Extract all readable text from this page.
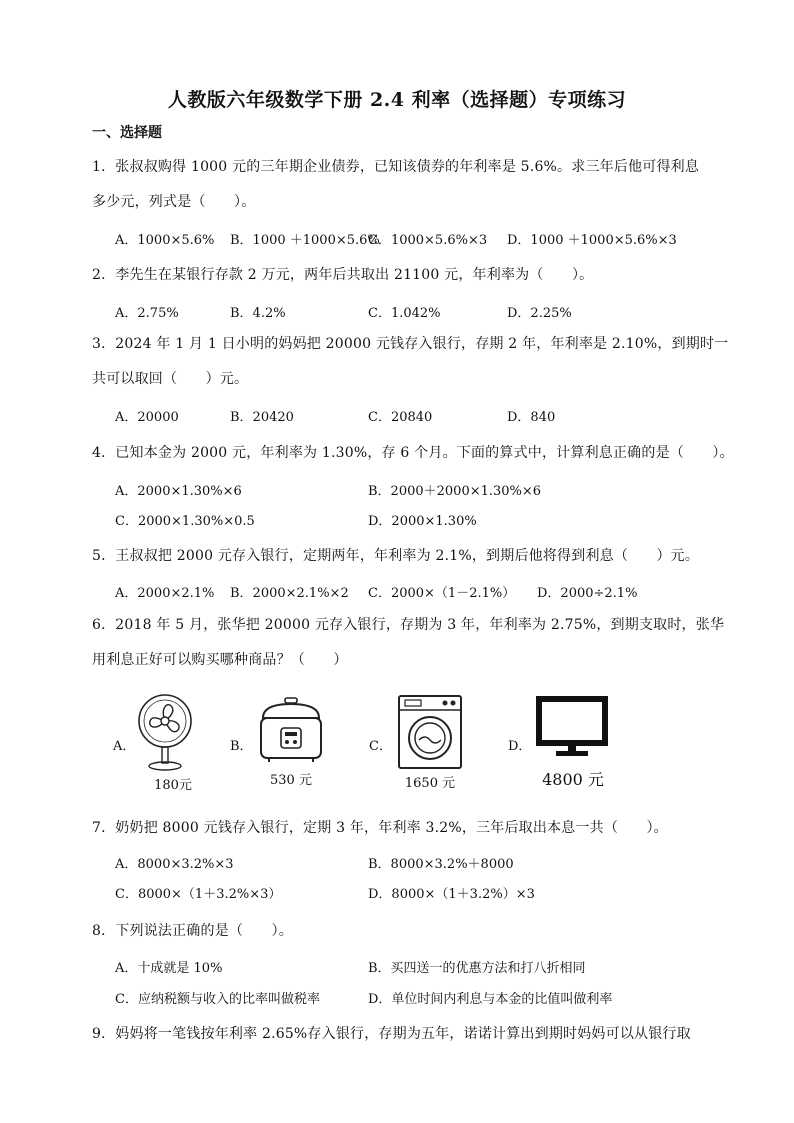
人教版六年级数学下册 2.4 利率（选择题）专项练习
一、选择题
1．张叔叔购得 1000 元的三年期企业债券，已知该债券的年利率是 5.6%。求三年后他可得利息
多少元，列式是（　　）。
A．1000×5.6% B．1000 ＋1000×5.6%
C．1000×5.6%×3 D．1000 ＋1000×5.6%×3
2．李先生在某银行存款 2 万元，两年后共取出 21100 元，年利率为（　　）。
A．2.75%	B．4.2%	C．1.042%	D．2.25%
3．2024 年 1 月 1 日小明的妈妈把 20000 元钱存入银行，存期 2 年，年利率是 2.10%，到期时一
共可以取回（　　）元。
A．20000	B．20420	C．20840	D．840
4．已知本金为 2000 元，年利率为 1.30%，存 6 个月。下面的算式中，计算利息正确的是（　　）。
A．2000×1.30%×6	B．2000＋2000×1.30%×6
C．2000×1.30%×0.5	D．2000×1.30%
5．王叔叔把 2000 元存入银行，定期两年，年利率为 2.1%，到期后他将得到利息（　　）元。
A．2000×2.1% B．2000×2.1%×2 C．2000×（1－2.1%） D．2000÷2.1%
6．2018 年 5 月，张华把 20000 元存入银行，存期为 3 年，年利率为 2.75%，到期支取时，张华
用利息正好可以购买哪种商品？（　　）
A．	B．	C．	D．
180元	530 元	1650 元	4800 元
7．奶奶把 8000 元钱存入银行，定期 3 年，年利率 3.2%，三年后取出本息一共（　　）。
A．8000×3.2%×3	B．8000×3.2%＋8000
C．8000×（1＋3.2%×3）	D．8000×（1＋3.2%）×3
8．下列说法正确的是（　　）。
A．十成就是 10%	B．买四送一的优惠方法和打八折相同
C．应纳税额与收入的比率叫做税率	D．单位时间内利息与本金的比值叫做利率
9．妈妈将一笔钱按年利率 2.65%存入银行，存期为五年，诺诺计算出到期时妈妈可以从银行取
